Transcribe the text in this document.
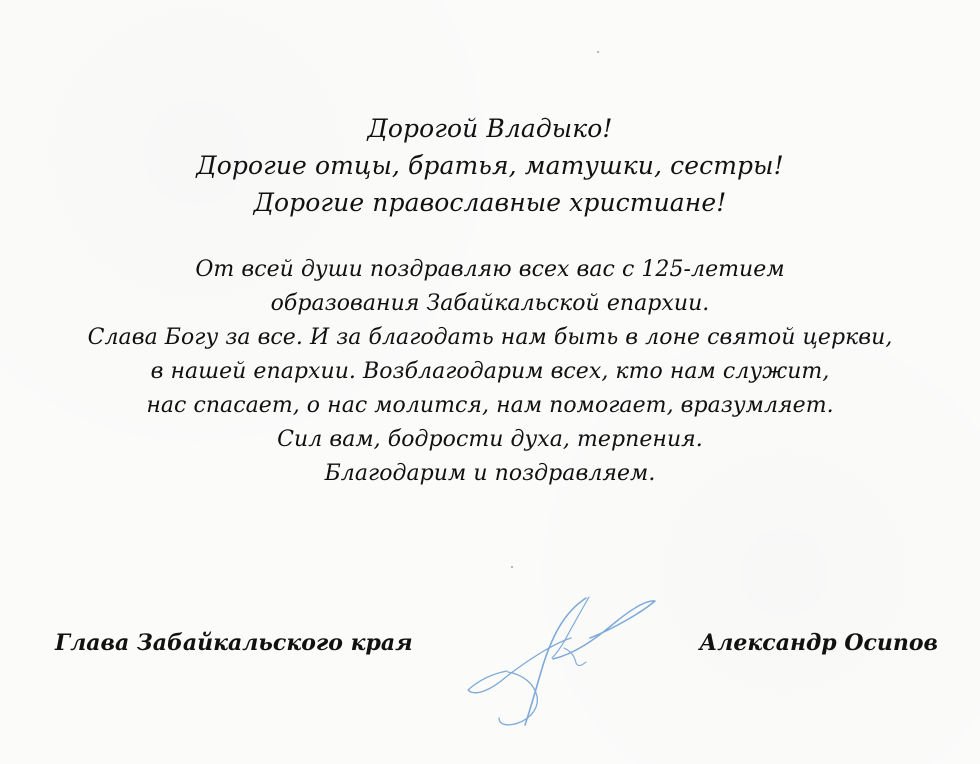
Дорогой Владыко!
Дорогие отцы, братья, матушки, сестры!
Дорогие православные христиане!
От всей души поздравляю всех вас с 125-летием
образования Забайкальской епархии.
Слава Богу за все. И за благодать нам быть в лоне святой церкви,
в нашей епархии. Возблагодарим всех, кто нам служит,
нас спасает, о нас молится, нам помогает, вразумляет.
Сил вам, бодрости духа, терпения.
Благодарим и поздравляем.
Глава Забайкальского края	Александр Осипов
